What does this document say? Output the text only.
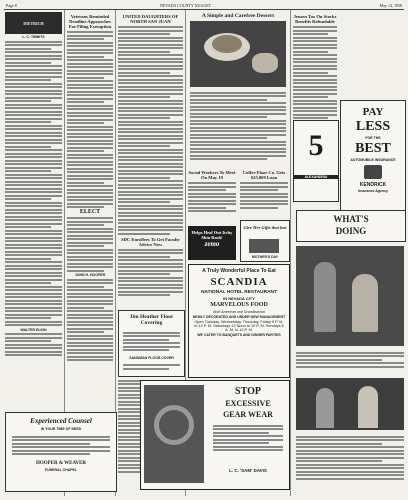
Page 8	NEVADA COUNTY NUGGET	May 14, 1958
DIETRICH
L. C. TIBBITS
WALTER ELKIN
Experienced Counsel
IN YOUR TIME OF NEED
HOOPER & WEAVER
FUNERAL CHAPEL
Veterans Reminded Deadline Approaches For Filing Exemption
ELECT
JOHN H. HOOPER
UNITED DAUGHTERS OF NORTH SAN JUAN
SDC Enrollees To Get Faculty Advice Now
Jim Heather Floor Covering
SANDMAN FLOOR COVER
A Simple and Carefree Dessert
Social Workers To Meet On May 19
Coffee Floor Co. Gets $25,000 Loan
Helps Heal Out Itchy Skin Rash!
zemo
Give Her Gifts that last
MOTHER'S DAY
A Truly Wonderful Place To Eat
SCANDIA
NATIONAL HOTEL RESTAURANT
IN NEVADA CITY
MARVELOUS FOOD
Both American and Scandinavian
NEWLY DECORATED AND UNDER NEW MANAGEMENT
Open Tuesday, Wednesday, Thursday, Friday 5 P. M. to 10 P. M. Saturdays 12 Noon to 10 P. M. Sundays 8 A. M. to 10 P. M.
WE CATER TO BANQUETS AND DINNER PARTIES
STOP
EXCESSIVE
GEAR WEAR
L. C. 'SAM' DAVIS
Jensen Tax On Stocks Benefits Refundable
5
ALEXANDRIA
PAY
LESS
FOR THE
BEST
AUTOMOBILE INSURANCE
KENDRICK
Insurance Agency
WHAT'S
DOING
